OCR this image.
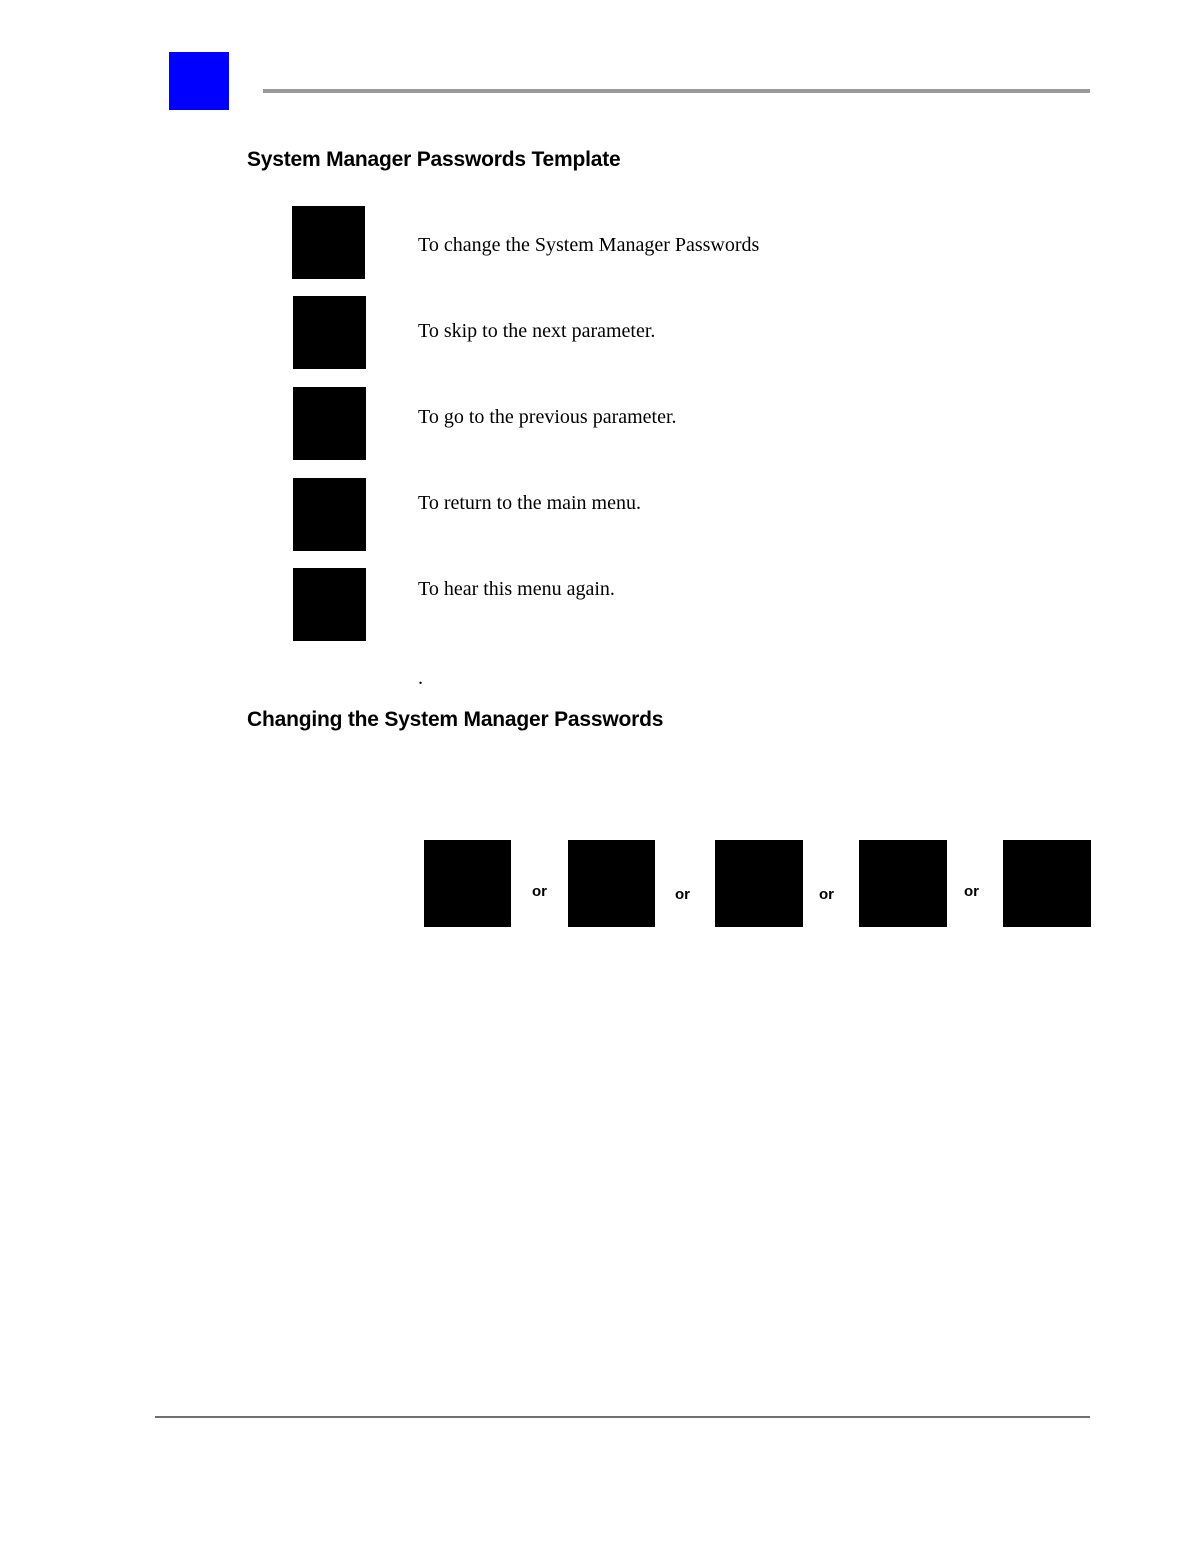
System Manager Passwords Template
To change the System Manager Passwords
To skip to the next parameter.
To go to the previous parameter.
To return to the main menu.
To hear this menu again.
.
Changing the System Manager Passwords
or	or	or	or
